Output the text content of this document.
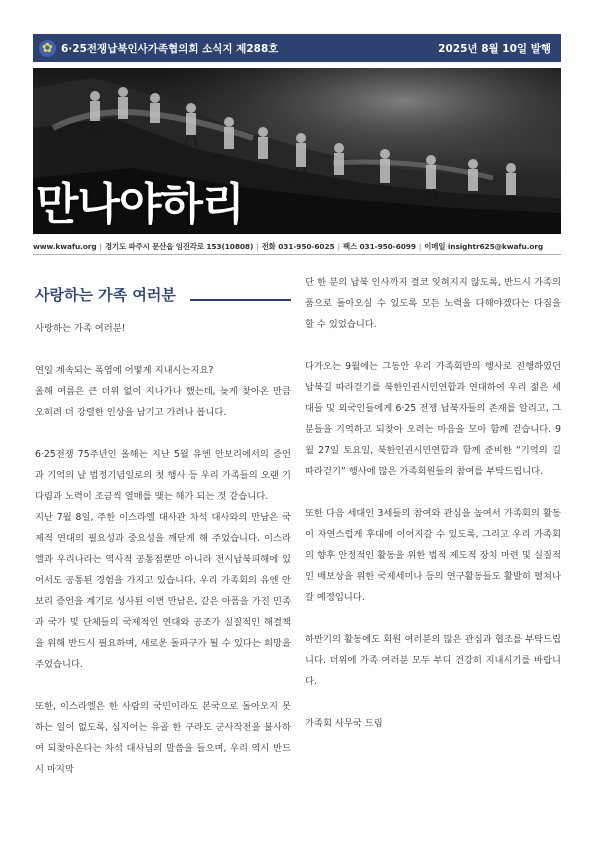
✿ 6·25전쟁납북인사가족협의회 소식지 제288호	2025년 8월 10일 발행
만나야하리
www.kwafu.org | 경기도 파주시 문산읍 임진각로 153(10808) | 전화 031-950-6025 | 팩스 031-950-6099 | 이메일 insightr625@kwafu.org
사랑하는 가족 여러분

사랑하는 가족 여러분!

연일 계속되는 폭염에 어떻게 지내시는지요?
올해 여름은 큰 더위 없이 지나가나 했는데, 늦게 찾아온 만큼 오히려 더 강렬한 인상을 남기고 가려나 봅니다.

6·25전쟁 75주년인 올해는 지난 5월 유엔 안보리에서의 증언과 기억의 날 법정기념일로의 첫 행사 등 우리 가족들의 오랜 기다림과 노력이 조금씩 열매를 맺는 해가 되는 것 같습니다.

지난 7월 8일, 주한 이스라엘 대사관 차석 대사와의 만남은 국제적 연대의 필요성과 중요성을 깨닫게 해 주었습니다. 이스라엘과 우리나라는 역사적 공통점뿐만 아니라 전시납북피해에 있어서도 공통된 경험을 가지고 있습니다. 우리 가족회의 유엔 안보리 증언을 계기로 성사된 이번 만남은, 같은 아픔을 가진 민족과 국가 및 단체들의 국제적인 연대와 공조가 실질적인 해결책을 위해 반드시 필요하며, 새로운 돌파구가 될 수 있다는 희망을 주었습니다.

또한, 이스라엘은 한 사람의 국민이라도 본국으로 돌아오지 못하는 일이 없도록, 심지어는 유골 한 구라도 군사작전을 불사하여 되찾아온다는 차석 대사님의 말씀을 들으며, 우리 역시 반드시 마지막

단 한 분의 납북 인사까지 결코 잊혀지지 않도록, 반드시 가족의 품으로 돌아오실 수 있도록 모든 노력을 다해야겠다는 다짐을 할 수 있었습니다.

다가오는 9월에는 그동안 우리 가족회만의 행사로 진행하였던 납북길 따라걷기를 북한인권시민연합과 연대하여 우리 젊은 세대들 및 외국인들에게 6·25 전쟁 납북자들의 존재를 알리고, 그분들을 기억하고 되찾아 오려는 마음을 모아 함께 걷습니다. 9월 27일 토요일, 북한인권시민연합과 함께 준비한 “기억의 길 따라걷기” 행사에 많은 가족회원들의 참여를 부탁드립니다.

또한 다음 세대인 3세들의 참여와 관심을 높여서 가족회의 활동이 자연스럽게 후대에 이어지갈 수 있도록, 그리고 우리 가족회의 향후 안정적인 활동을 위한 법적 제도적 장치 마련 및 실질적인 배보상을 위한 국제세미나 등의 연구활동들도 활발히 펼쳐나갈 예정입니다.

하반기의 활동에도 회원 여러분의 많은 관심과 협조를 부탁드립니다. 더위에 가족 여러분 모두 부디 건강히 지내시기를 바랍니다.

가족회 사무국 드림
